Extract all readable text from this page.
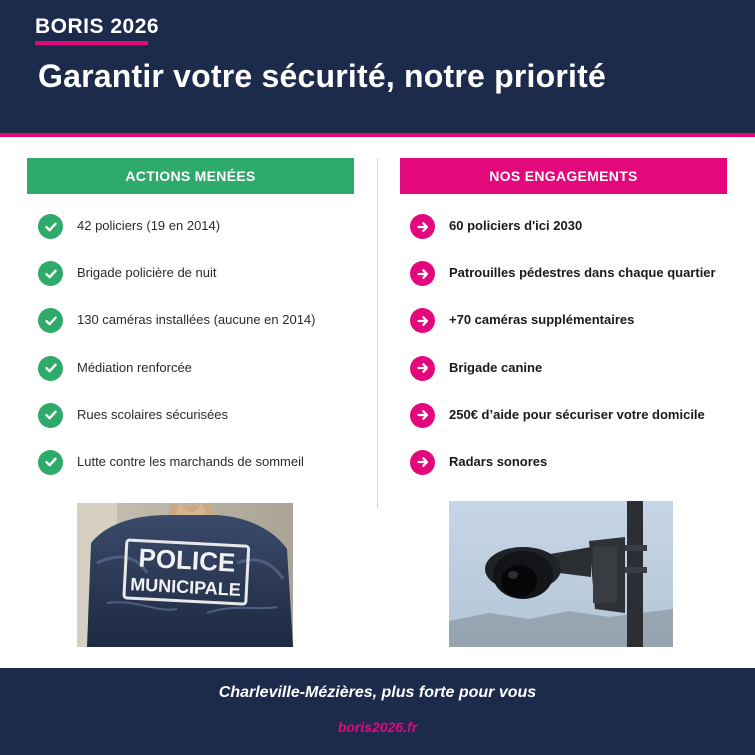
BORIS 2026
Garantir votre sécurité, notre priorité
ACTIONS MENÉES	NOS ENGAGEMENTS
42 policiers (19 en 2014)
Brigade policière de nuit
130 caméras installées (aucune en 2014)
Médiation renforcée
Rues scolaires sécurisées
Lutte contre les marchands de sommeil
60 policiers d'ici 2030
Patrouilles pédestres dans chaque quartier
+70 caméras supplémentaires
Brigade canine
250€ d’aide pour sécuriser votre domicile
Radars sonores
POLICE
MUNICIPALE
Charleville-Mézières, plus forte pour vous
boris2026.fr
